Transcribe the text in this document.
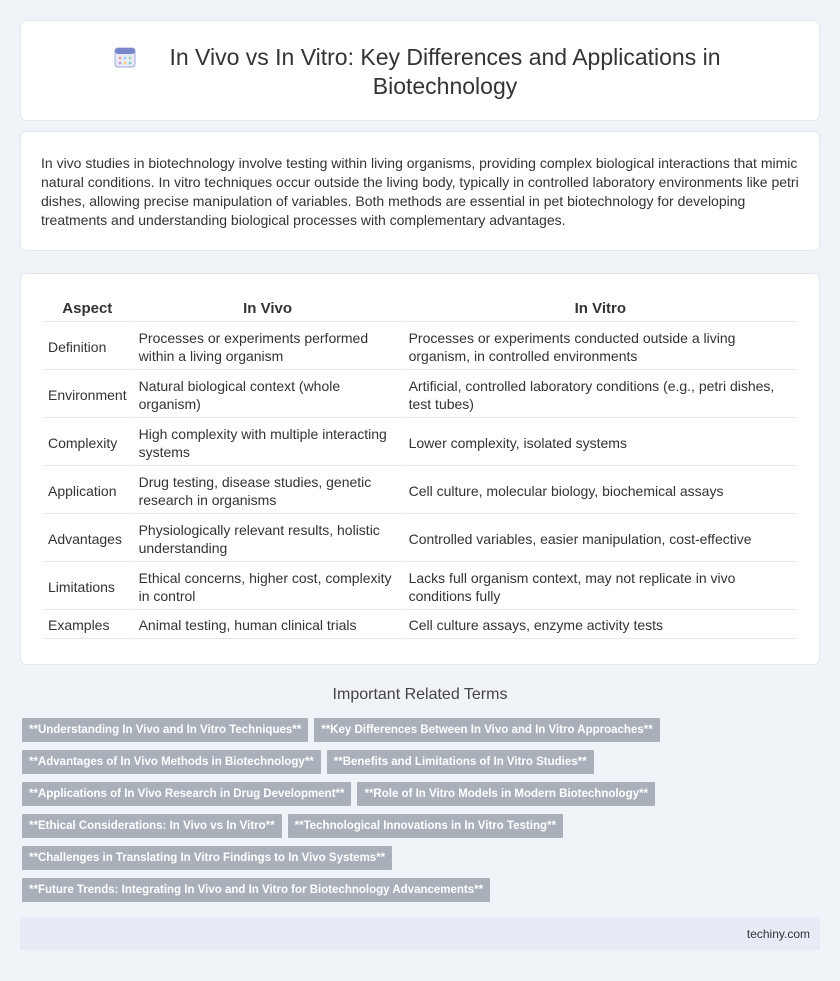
In Vivo vs In Vitro: Key Differences and Applications in Biotechnology
In vivo studies in biotechnology involve testing within living organisms, providing complex biological interactions that mimic natural conditions. In vitro techniques occur outside the living body, typically in controlled laboratory environments like petri dishes, allowing precise manipulation of variables. Both methods are essential in pet biotechnology for developing treatments and understanding biological processes with complementary advantages.
Aspect	In Vivo	In Vitro
Definition	Processes or experiments performed within a living organism	Processes or experiments conducted outside a living organism, in controlled environments
Environment	Natural biological context (whole organism)	Artificial, controlled laboratory conditions (e.g., petri dishes, test tubes)
Complexity	High complexity with multiple interacting systems	Lower complexity, isolated systems
Application	Drug testing, disease studies, genetic research in organisms	Cell culture, molecular biology, biochemical assays
Advantages	Physiologically relevant results, holistic understanding	Controlled variables, easier manipulation, cost-effective
Limitations	Ethical concerns, higher cost, complexity in control	Lacks full organism context, may not replicate in vivo conditions fully
Examples	Animal testing, human clinical trials	Cell culture assays, enzyme activity tests
Important Related Terms
**Understanding In Vivo and In Vitro Techniques** **Key Differences Between In Vivo and In Vitro Approaches**
**Advantages of In Vivo Methods in Biotechnology** **Benefits and Limitations of In Vitro Studies**
**Applications of In Vivo Research in Drug Development** **Role of In Vitro Models in Modern Biotechnology**
**Ethical Considerations: In Vivo vs In Vitro** **Technological Innovations in In Vitro Testing**
**Challenges in Translating In Vitro Findings to In Vivo Systems**
**Future Trends: Integrating In Vivo and In Vitro for Biotechnology Advancements**
techiny.com
